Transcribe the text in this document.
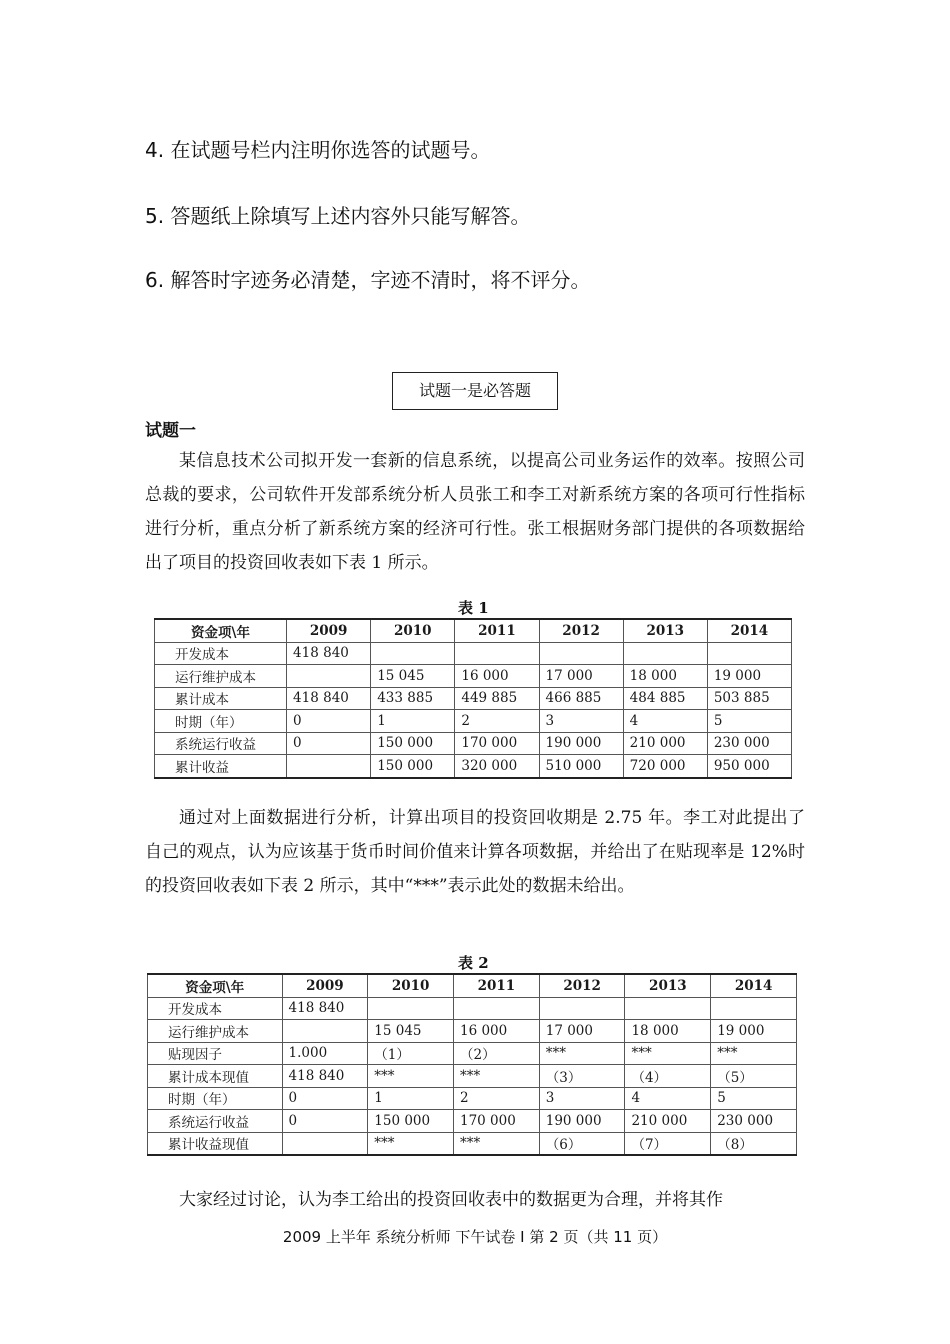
4. 在试题号栏内注明你选答的试题号。
5. 答题纸上除填写上述内容外只能写解答。
6. 解答时字迹务必清楚，字迹不清时，将不评分。
试题一是必答题
试题一
某信息技术公司拟开发一套新的信息系统，以提高公司业务运作的效率。按照公司总裁的要求，公司软件开发部系统分析人员张工和李工对新系统方案的各项可行性指标进行分析，重点分析了新系统方案的经济可行性。张工根据财务部门提供的各项数据给出了项目的投资回收表如下表 1 所示。
表 1
资金项\年	2009	2010	2011	2012	2013	2014
开发成本	418 840					
运行维护成本		15 045	16 000	17 000	18 000	19 000
累计成本	418 840	433 885	449 885	466 885	484 885	503 885
时期（年）	0	1	2	3	4	5
系统运行收益	0	150 000	170 000	190 000	210 000	230 000
累计收益		150 000	320 000	510 000	720 000	950 000
通过对上面数据进行分析，计算出项目的投资回收期是 2.75 年。李工对此提出了自己的观点，认为应该基于货币时间价值来计算各项数据，并给出了在贴现率是 12%时的投资回收表如下表 2 所示，其中“***”表示此处的数据未给出。
表 2
资金项\年	2009	2010	2011	2012	2013	2014
开发成本	418 840					
运行维护成本		15 045	16 000	17 000	18 000	19 000
贴现因子	1.000	（1）	（2）	***	***	***
累计成本现值	418 840	***	***	（3）	（4）	（5）
时期（年）	0	1	2	3	4	5
系统运行收益	0	150 000	170 000	190 000	210 000	230 000
累计收益现值		***	***	（6）	（7）	（8）
大家经过讨论，认为李工给出的投资回收表中的数据更为合理，并将其作
2009 上半年 系统分析师 下午试卷 I 第 2 页（共 11 页）
